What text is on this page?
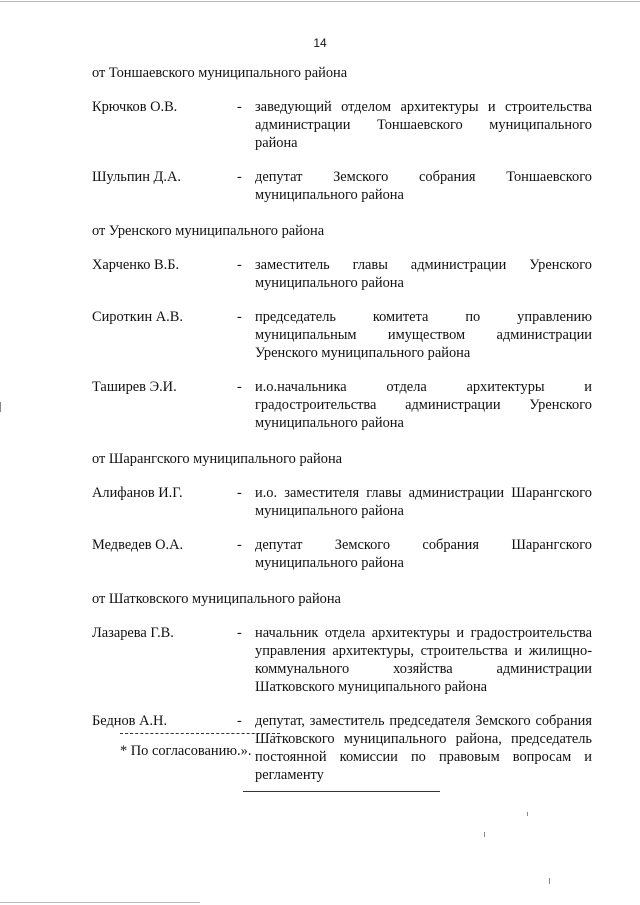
14
от Тоншаевского муниципального района
Крючков О.В.	- заведующий отделом архитектуры и строительства администрации Тоншаевского муниципального района
Шульпин Д.А.	- депутат Земского собрания Тоншаевского муниципального района
от Уренского муниципального района
Харченко В.Б.	- заместитель главы администрации Уренского муниципального района
Сироткин А.В.	- председатель комитета по управлению муниципальным имуществом администрации Уренского муниципального района
Таширев Э.И.	- и.о.начальника отдела архитектуры и градостроительства администрации Уренского муниципального района
от Шарангского муниципального района
Алифанов И.Г.	- и.о. заместителя главы администрации Шарангского муниципального района
Медведев О.А.	- депутат Земского собрания Шарангского муниципального района
от Шатковского муниципального района
Лазарева Г.В.	- начальник отдела архитектуры и градостроительства управления архитектуры, строительства и жилищно-коммунального хозяйства администрации Шатковского муниципального района
Беднов А.Н.	- депутат, заместитель председателя Земского собрания Шатковского муниципального района, председатель постоянной комиссии по правовым вопросам и регламенту
* По согласованию.».
